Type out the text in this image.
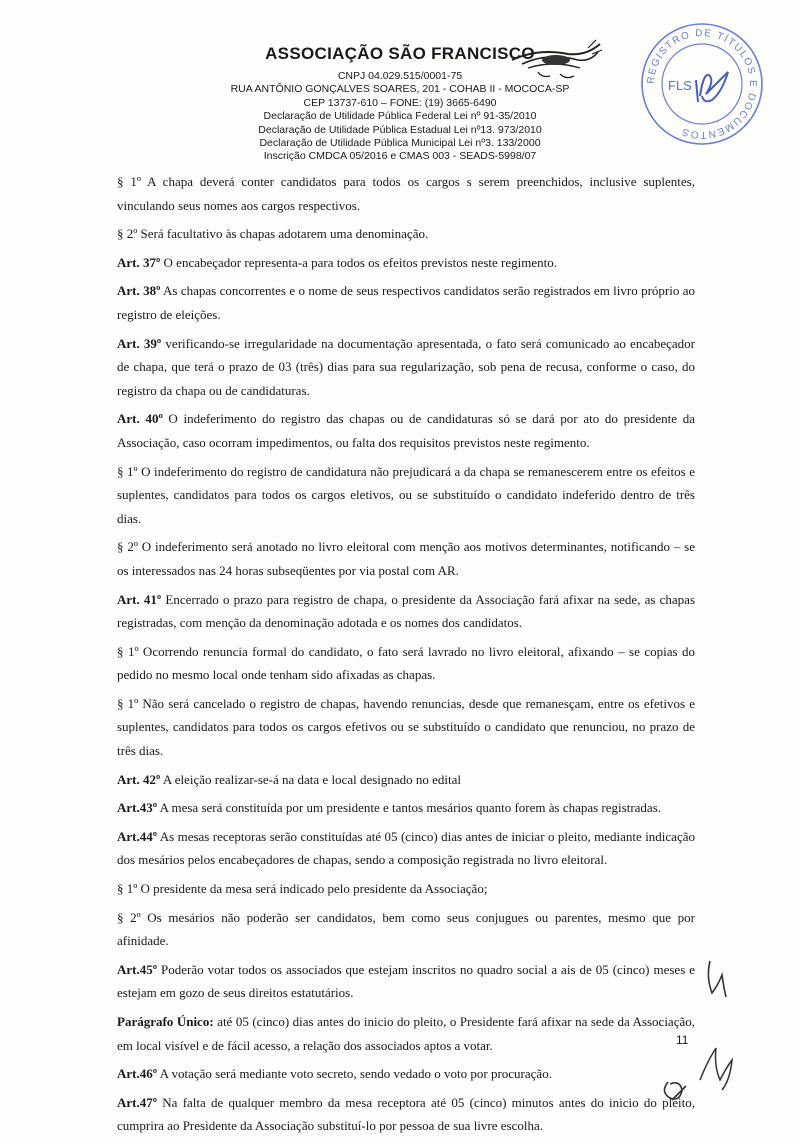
ASSOCIAÇÃO SÃO FRANCISCO
CNPJ 04.029.515/0001-75
RUA ANTÔNIO GONÇALVES SOARES, 201 - COHAB II - MOCOCA-SP
CEP 13737-610 – FONE: (19) 3665-6490
Declaração de Utilidade Pública Federal Lei nº 91-35/2010
Declaração de Utilidade Pública Estadual Lei nº13. 973/2010
Declaração de Utilidade Pública Municipal Lei nº3. 133/2000
Inscrição CMDCA 05/2016 e CMAS 003 - SEADS-5998/07
REGISTRO DE TÍTULOS E DOCUMENTOS
FLS

§ 1º A chapa deverá conter candidatos para todos os cargos s serem preenchidos, inclusive suplentes, vinculando seus nomes aos cargos respectivos.

§ 2º Será facultativo às chapas adotarem uma denominação.

Art. 37º O encabeçador representa-a para todos os efeitos previstos neste regimento.

Art. 38º As chapas concorrentes e o nome de seus respectivos candidatos serão registrados em livro próprio ao registro de eleições.

Art. 39º verificando-se irregularidade na documentação apresentada, o fato será comunicado ao encabeçador de chapa, que terá o prazo de 03 (três) dias para sua regularização, sob pena de recusa, conforme o caso, do registro da chapa ou de candidaturas.

Art. 40º O indeferimento do registro das chapas ou de candidaturas só se dará por ato do presidente da Associação, caso ocorram impedimentos, ou falta dos requisitos previstos neste regimento.

§ 1º O indeferimento do registro de candidatura não prejudicará a da chapa se remanescerem entre os efeitos e suplentes, candidatos para todos os cargos eletivos, ou se substituído o candidato indeferido dentro de três dias.

§ 2º O indeferimento será anotado no livro eleitoral com menção aos motivos determinantes, notificando – se os interessados nas 24 horas subseqüentes por via postal com AR.

Art. 41º Encerrado o prazo para registro de chapa, o presidente da Associação fará afixar na sede, as chapas registradas, com menção da denominação adotada e os nomes dos candidatos.

§ 1º Ocorrendo renuncia formal do candidato, o fato será lavrado no livro eleitoral, afixando – se copias do pedido no mesmo local onde tenham sido afixadas as chapas.

§ 1º Não será cancelado o registro de chapas, havendo renuncias, desde que remanesçam, entre os efetivos e suplentes, candidatos para todos os cargos efetivos ou se substituído o candidato que renunciou, no prazo de três dias.

Art. 42º A eleição realizar-se-á na data e local designado no edital

Art.43º A mesa será constituída por um presidente e tantos mesários quanto forem às chapas registradas.

Art.44º As mesas receptoras serão constituídas até 05 (cinco) dias antes de iniciar o pleito, mediante indicação dos mesários pelos encabeçadores de chapas, sendo a composição registrada no livro eleitoral.

§ 1º O presidente da mesa será indicado pelo presidente da Associação;

§ 2º Os mesários não poderão ser candidatos, bem como seus conjugues ou parentes, mesmo que por afinidade.

Art.45º Poderão votar todos os associados que estejam inscritos no quadro social a ais de 05 (cinco) meses e estejam em gozo de seus direitos estatutários.

Parágrafo Único: até 05 (cinco) dias antes do inicio do pleito, o Presidente fará afixar na sede da Associação, em local visível e de fácil acesso, a relação dos associados aptos a votar.

Art.46º A votação será mediante voto secreto, sendo vedado o voto por procuração.

Art.47º Na falta de qualquer membro da mesa receptora até 05 (cinco) minutos antes do inicio do pleito, cumprira ao Presidente da Associação substituí-lo por pessoa de sua livre escolha.

11
